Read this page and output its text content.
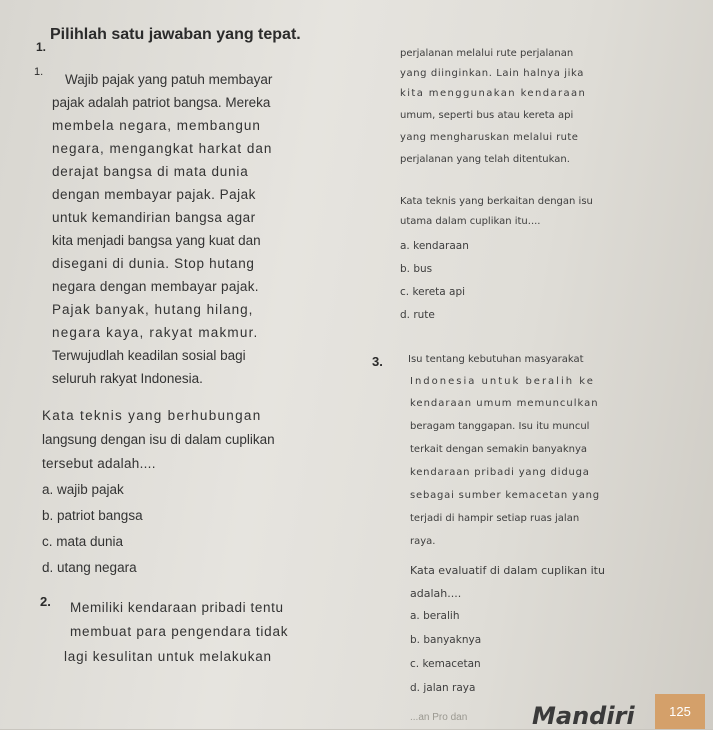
1.
Pilihlah satu jawaban yang tepat.
1. Wajib pajak yang patuh membayar
pajak adalah patriot bangsa. Mereka
membela negara, membangun
negara, mengangkat harkat dan
derajat bangsa di mata dunia
dengan membayar pajak. Pajak
untuk kemandirian bangsa agar
kita menjadi bangsa yang kuat dan
disegani di dunia. Stop hutang
negara dengan membayar pajak.
Pajak banyak, hutang hilang,
negara kaya, rakyat makmur.
Terwujudlah keadilan sosial bagi
seluruh rakyat Indonesia.
Kata teknis yang berhubungan
langsung dengan isu di dalam cuplikan
tersebut adalah....
a. wajib pajak
b. patriot bangsa
c. mata dunia
d. utang negara
2. Memiliki kendaraan pribadi tentu
membuat para pengendara tidak
lagi kesulitan untuk melakukan
perjalanan melalui rute perjalanan
yang diinginkan. Lain halnya jika
kita menggunakan kendaraan
umum, seperti bus atau kereta api
yang mengharuskan melalui rute
perjalanan yang telah ditentukan.
Kata teknis yang berkaitan dengan isu
utama dalam cuplikan itu....
a. kendaraan
b. bus
c. kereta api
d. rute
3.	Isu tentang kebutuhan masyarakat
Indonesia untuk beralih ke
kendaraan umum memunculkan
beragam tanggapan. Isu itu muncul
terkait dengan semakin banyaknya
kendaraan pribadi yang diduga
sebagai sumber kemacetan yang
terjadi di hampir setiap ruas jalan
raya.
Kata evaluatif di dalam cuplikan itu
adalah....
a. beralih
b. banyaknya
c. kemacetan
d. jalan raya
...an Pro dan	Mandiri	125
